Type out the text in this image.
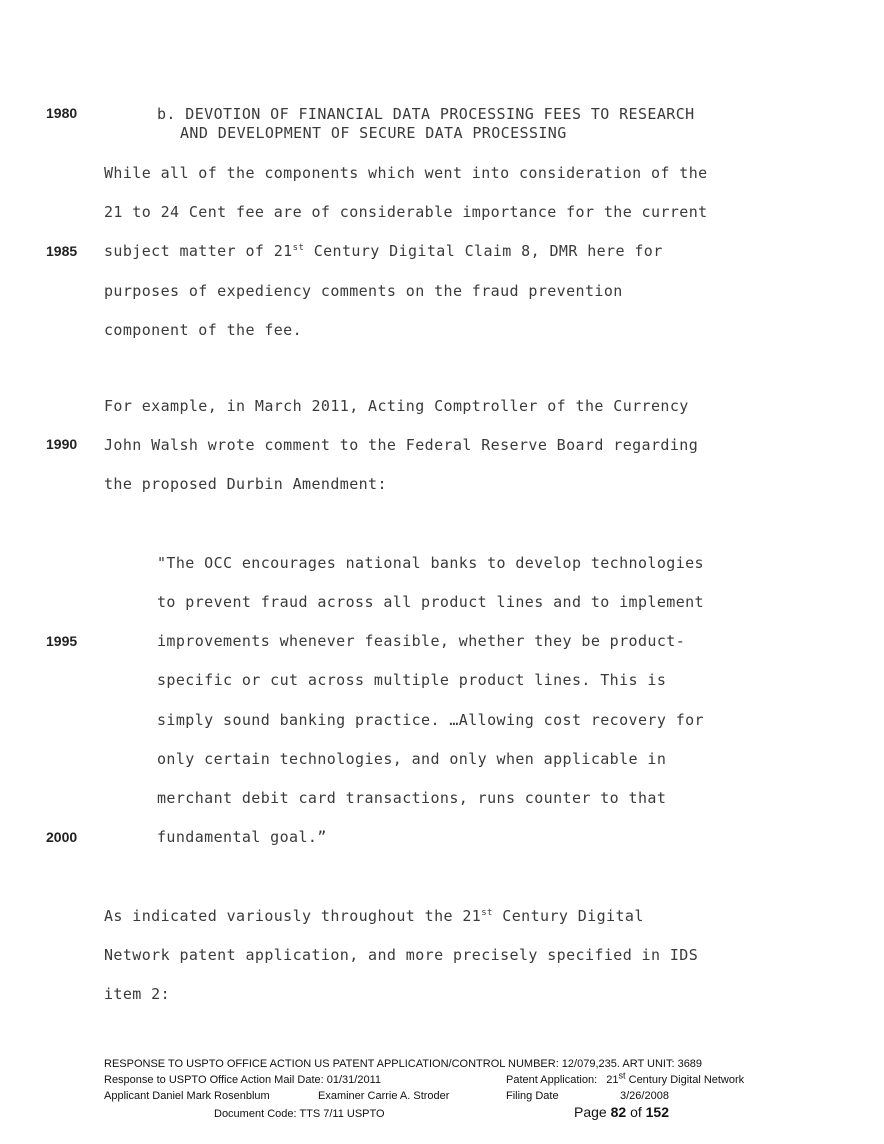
1980
1985
1990
1995
2000
b. DEVOTION OF FINANCIAL DATA PROCESSING FEES TO RESEARCH
AND DEVELOPMENT OF SECURE DATA PROCESSING
While all of the components which went into consideration of the
21 to 24 Cent fee are of considerable importance for the current
subject matter of 21st Century Digital Claim 8, DMR here for
purposes of expediency comments on the fraud prevention
component of the fee.
For example, in March 2011, Acting Comptroller of the Currency
John Walsh wrote comment to the Federal Reserve Board regarding
the proposed Durbin Amendment:
"The OCC encourages national banks to develop technologies
to prevent fraud across all product lines and to implement
improvements whenever feasible, whether they be product-
specific or cut across multiple product lines. This is
simply sound banking practice. …Allowing cost recovery for
only certain technologies, and only when applicable in
merchant debit card transactions, runs counter to that
fundamental goal.”
As indicated variously throughout the 21st Century Digital
Network patent application, and more precisely specified in IDS
item 2:
RESPONSE TO USPTO OFFICE ACTION US PATENT APPLICATION/CONTROL NUMBER: 12/079,235. ART UNIT: 3689
Response to USPTO Office Action Mail Date: 01/31/2011	Patent Application: 21st Century Digital Network
Applicant Daniel Mark Rosenblum	Examiner Carrie A. Stroder	Filing Date	3/26/2008
Document Code: TTS 7/11 USPTO	Page 82 of 152
